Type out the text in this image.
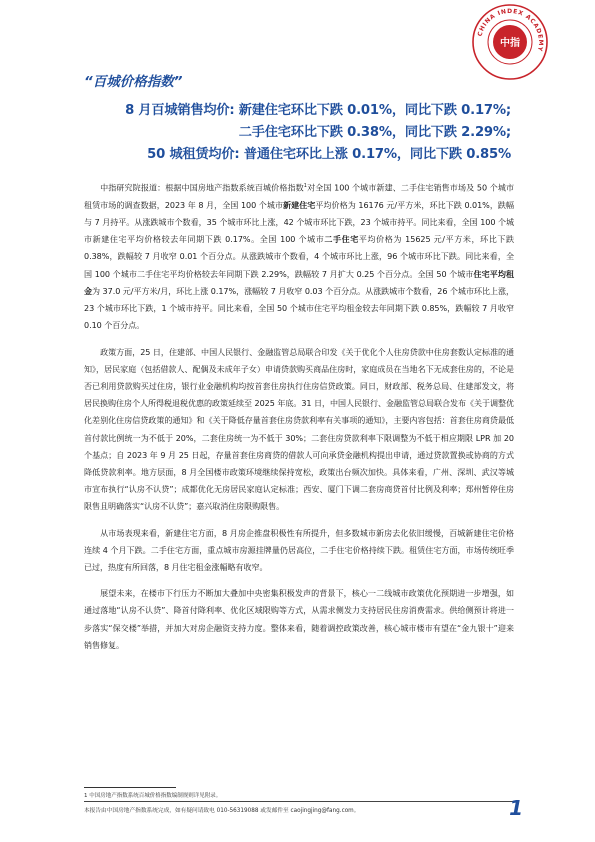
CHINA INDEX ACADEMY
中指
“百城价格指数”
8 月百城销售均价: 新建住宅环比下跌 0.01%，同比下跌 0.17%;
二手住宅环比下跌 0.38%，同比下跌 2.29%;
50 城租赁均价: 普通住宅环比上涨 0.17%，同比下跌 0.85%

中指研究院报道：根据中国房地产指数系统百城价格指数$^1$对全国 100 个城市新建、二手住宅销售市场及 50 个城市租赁市场的调查数据，2023 年 8 月，全国 100 个城市新建住宅平均价格为 16176 元/平方米，环比下跌 0.01%，跌幅与 7 月持平。从涨跌城市个数看，35 个城市环比上涨，42 个城市环比下跌，23 个城市持平。同比来看，全国 100 个城市新建住宅平均价格较去年同期下跌 0.17%。全国 100 个城市二手住宅平均价格为 15625 元/平方米，环比下跌 0.38%，跌幅较 7 月收窄 0.01 个百分点。从涨跌城市个数看，4 个城市环比上涨，96 个城市环比下跌。同比来看，全国 100 个城市二手住宅平均价格较去年同期下跌 2.29%，跌幅较 7 月扩大 0.25 个百分点。全国 50 个城市住宅平均租金为 37.0 元/平方米/月，环比上涨 0.17%，涨幅较 7 月收窄 0.03 个百分点。从涨跌城市个数看，26 个城市环比上涨，23 个城市环比下跌，1 个城市持平。同比来看，全国 50 个城市住宅平均租金较去年同期下跌 0.85%，跌幅较 7 月收窄 0.10 个百分点。

政策方面，25 日，住建部、中国人民银行、金融监管总局联合印发《关于优化个人住房贷款中住房套数认定标准的通知》，居民家庭（包括借款人、配偶及未成年子女）申请贷款购买商品住房时，家庭成员在当地名下无成套住房的，不论是否已利用贷款购买过住房，银行业金融机构均按首套住房执行住房信贷政策。同日，财政部、税务总局、住建部发文，将居民换购住房个人所得税退税优惠的政策延续至 2025 年底。31 日，中国人民银行、金融监管总局联合发布《关于调整优化差别化住房信贷政策的通知》和《关于降低存量首套住房贷款利率有关事项的通知》，主要内容包括：首套住房商贷最低首付款比例统一为不低于 20%，二套住房统一为不低于 30%；二套住房贷款利率下限调整为不低于相应期限 LPR 加 20 个基点；自 2023 年 9 月 25 日起，存量首套住房商贷的借款人可向承贷金融机构提出申请，通过贷款置换或协商的方式降低贷款利率。地方层面，8 月全国楼市政策环境继续保持宽松，政策出台频次加快。具体来看，广州、深圳、武汉等城市宣布执行“认房不认贷”；成都优化无房居民家庭认定标准；西安、厦门下调二套房商贷首付比例及利率；郑州暂停住房限售且明确落实“认房不认贷”；嘉兴取消住房限购限售。

从市场表现来看，新建住宅方面，8 月房企推盘积极性有所提升，但多数城市新房去化依旧缓慢，百城新建住宅价格连续 4 个月下跌。二手住宅方面，重点城市房源挂牌量仍居高位，二手住宅价格持续下跌。租赁住宅方面，市场传统旺季已过，热度有所回落，8 月住宅租金涨幅略有收窄。

展望未来，在楼市下行压力不断加大叠加中央密集积极发声的背景下，核心一二线城市政策优化预期进一步增强，如通过落地“认房不认贷”、降首付降利率、优化区域限购等方式，从需求侧发力支持居民住房消费需求。供给侧预计将进一步落实“保交楼”举措，并加大对房企融资支持力度。整体来看，随着调控政策改善，核心城市楼市有望在“金九银十”迎来销售修复。

1 中国房地产指数系统百城价格指数编制规则详见附录。
本报告由中国房地产指数系统完成，如有疑问请致电 010-56319088 或发邮件至 caojingjing@fang.com。	1
